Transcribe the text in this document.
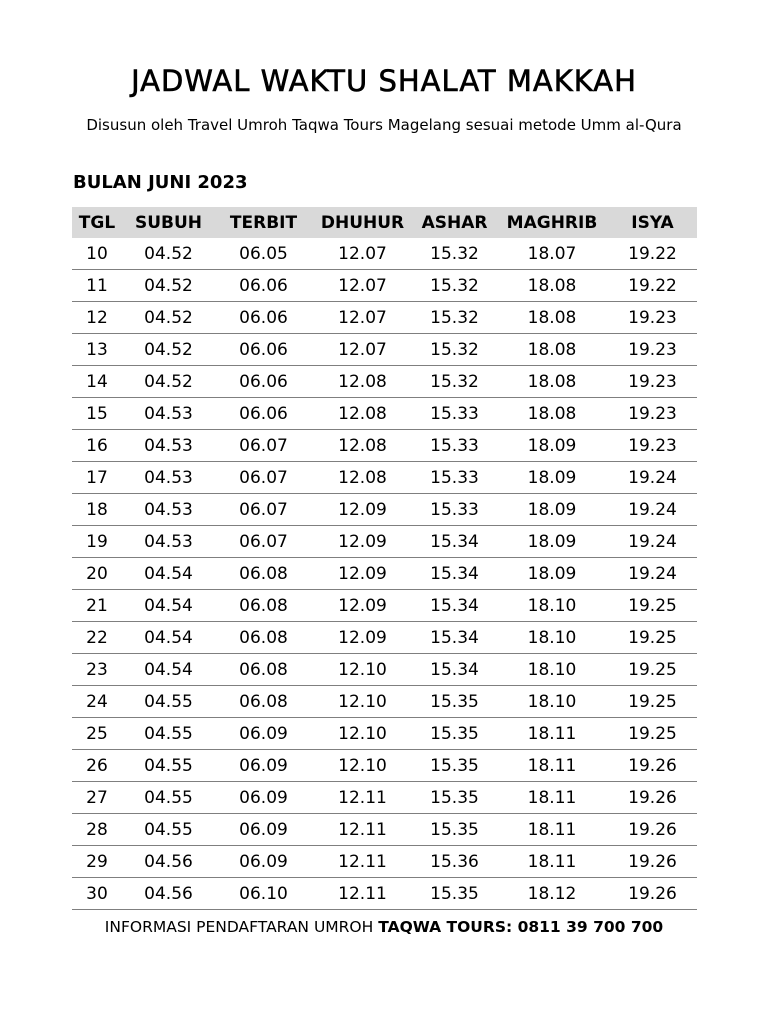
JADWAL WAKTU SHALAT MAKKAH
Disusun oleh Travel Umroh Taqwa Tours Magelang sesuai metode Umm al-Qura
BULAN JUNI 2023
TGL	SUBUH	TERBIT	DHUHUR	ASHAR	MAGHRIB	ISYA
10	04.52	06.05	12.07	15.32	18.07	19.22
11	04.52	06.06	12.07	15.32	18.08	19.22
12	04.52	06.06	12.07	15.32	18.08	19.23
13	04.52	06.06	12.07	15.32	18.08	19.23
14	04.52	06.06	12.08	15.32	18.08	19.23
15	04.53	06.06	12.08	15.33	18.08	19.23
16	04.53	06.07	12.08	15.33	18.09	19.23
17	04.53	06.07	12.08	15.33	18.09	19.24
18	04.53	06.07	12.09	15.33	18.09	19.24
19	04.53	06.07	12.09	15.34	18.09	19.24
20	04.54	06.08	12.09	15.34	18.09	19.24
21	04.54	06.08	12.09	15.34	18.10	19.25
22	04.54	06.08	12.09	15.34	18.10	19.25
23	04.54	06.08	12.10	15.34	18.10	19.25
24	04.55	06.08	12.10	15.35	18.10	19.25
25	04.55	06.09	12.10	15.35	18.11	19.25
26	04.55	06.09	12.10	15.35	18.11	19.26
27	04.55	06.09	12.11	15.35	18.11	19.26
28	04.55	06.09	12.11	15.35	18.11	19.26
29	04.56	06.09	12.11	15.36	18.11	19.26
30	04.56	06.10	12.11	15.35	18.12	19.26
INFORMASI PENDAFTARAN UMROH TAQWA TOURS: 0811 39 700 700
